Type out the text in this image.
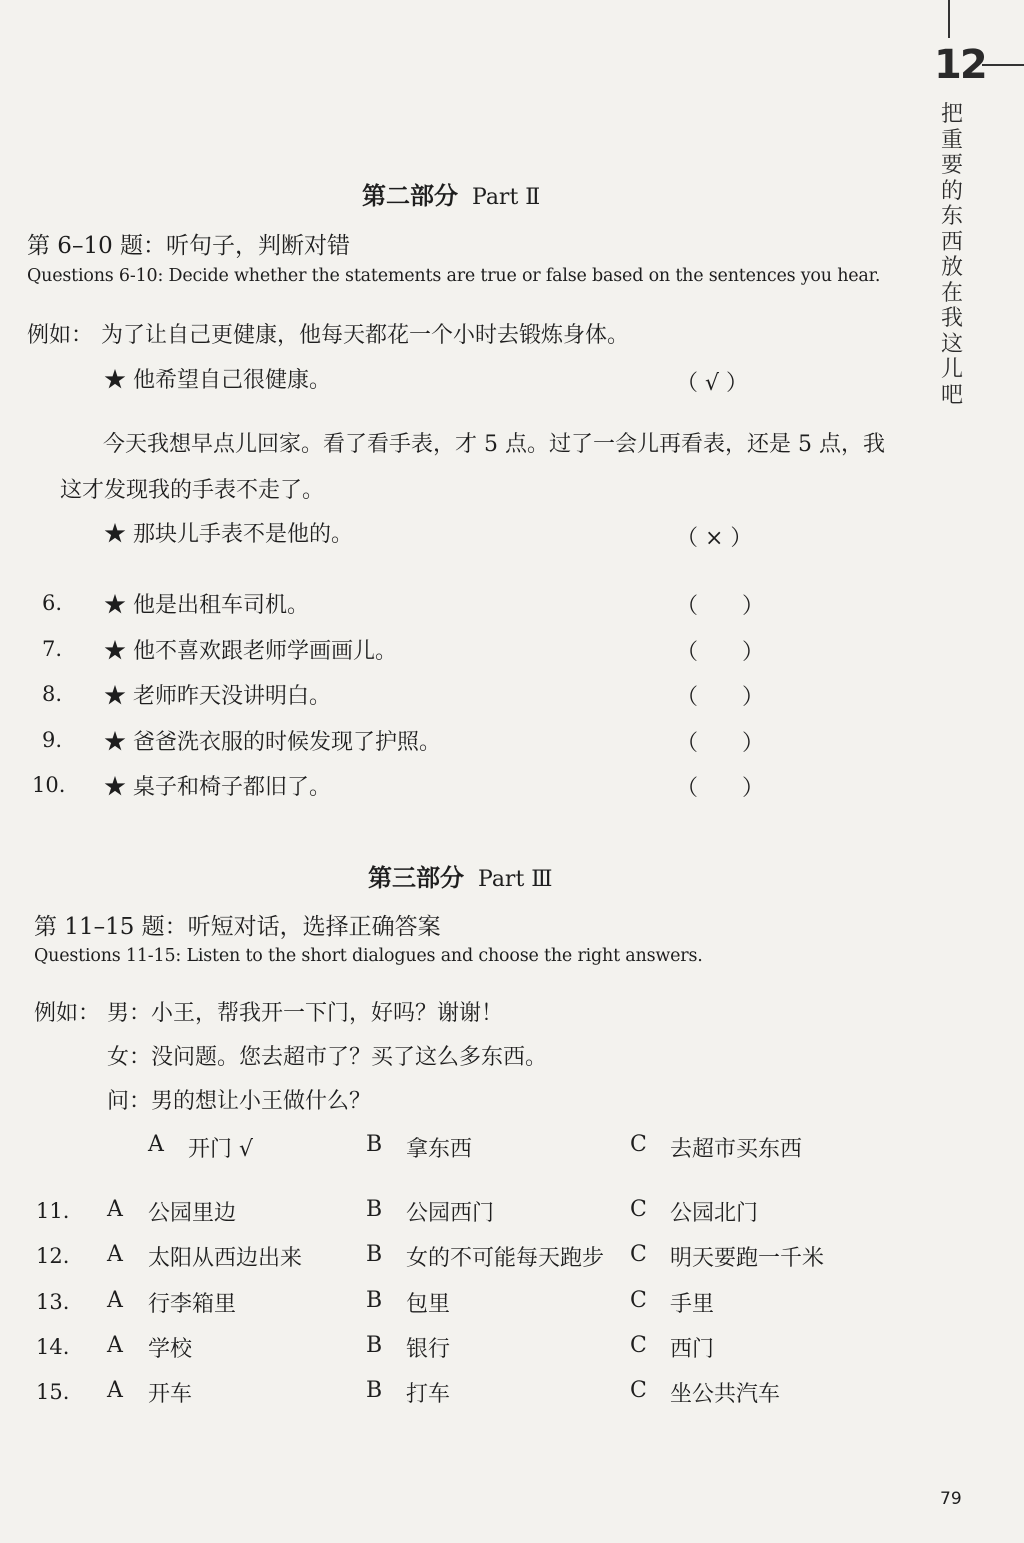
12
把
重
要
的
东
西
放
在
我
这
儿
吧
第二部分 Part Ⅱ
第 6–10 题：听句子，判断对错
Questions 6-10: Decide whether the statements are true or false based on the sentences you hear.
例如： 为了让自己更健康，他每天都花一个小时去锻炼身体。
★ 他希望自己很健康。	（ √ ）
今天我想早点儿回家。看了看手表，才 5 点。过了一会儿再看表，还是 5 点，我
这才发现我的手表不走了。
★ 那块儿手表不是他的。	（ × ）
6. ★ 他是出租车司机。	（　　）
7. ★ 他不喜欢跟老师学画画儿。	（　　）
8. ★ 老师昨天没讲明白。	（　　）
9. ★ 爸爸洗衣服的时候发现了护照。	（　　）
10. ★ 桌子和椅子都旧了。	（　　）
第三部分 Part Ⅲ
第 11–15 题：听短对话，选择正确答案
Questions 11-15: Listen to the short dialogues and choose the right answers.
例如： 男：小王，帮我开一下门，好吗？谢谢！
女：没问题。您去超市了？买了这么多东西。
问：男的想让小王做什么？
A 开门 √	B 拿东西	C 去超市买东西
11. A 公园里边	B 公园西门	C 公园北门
12. A 太阳从西边出来	B 女的不可能每天跑步 C 明天要跑一千米
13. A 行李箱里	B 包里	C 手里
14. A 学校	B 银行	C 西门
15. A 开车	B 打车	C 坐公共汽车
79
